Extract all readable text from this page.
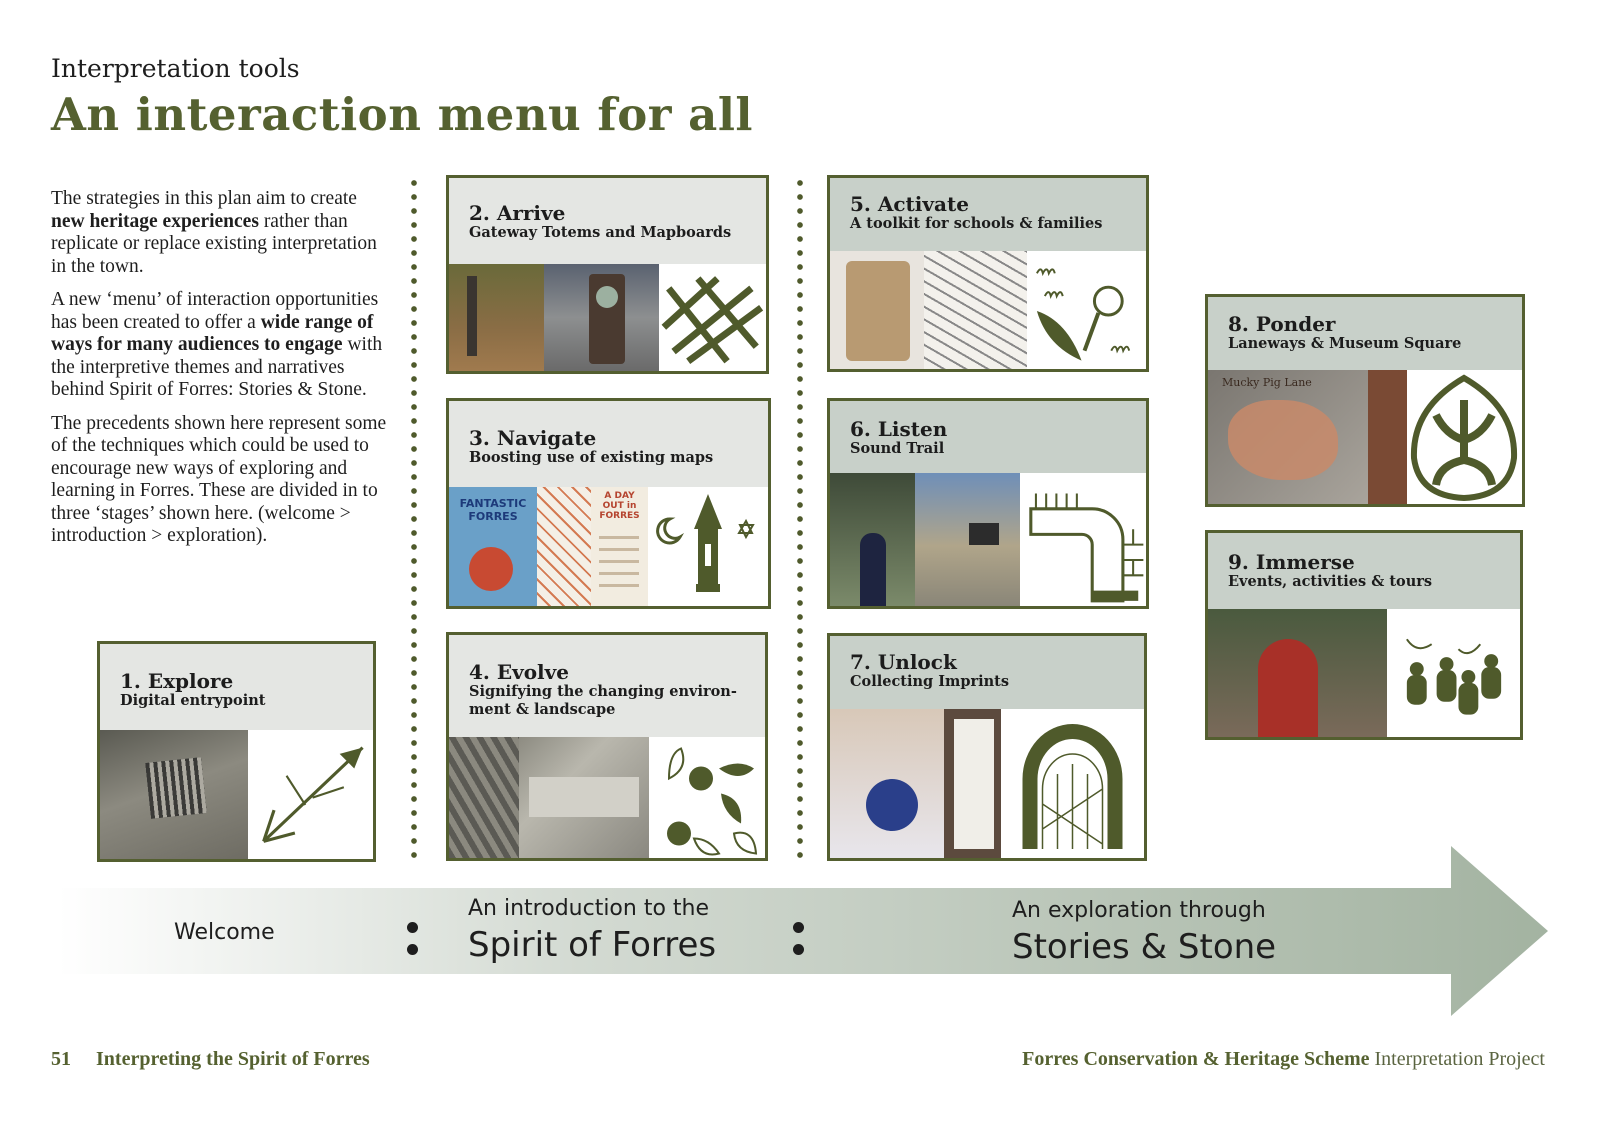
Interpretation tools
An interaction menu for all

The strategies in this plan aim to create new heritage experiences rather than replicate or replace existing interpretation in the town.

A new ‘menu’ of interaction opportunities has been created to offer a wide range of ways for many audiences to engage with the interpretive themes and narratives behind Spirit of Forres: Stories & Stone.

The precedents shown here represent some of the techniques which could be used to encourage new ways of exploring and learning in Forres. These are divided in to three ‘stages’ shown here. (welcome > introduction > exploration).

1. Explore
Digital entrypoint
2. Arrive
Gateway Totems and Mapboards
3. Navigate
Boosting use of existing maps
FANTASTIC FORRES
A DAY OUT in FORRES
4. Evolve
Signifying the changing environ-
ment & landscape
5. Activate
A toolkit for schools & families
6. Listen
Sound Trail
7. Unlock
Collecting Imprints
8. Ponder
Laneways & Museum Square
Mucky Pig Lane
9. Immerse
Events, activities & tours
Welcome
An introduction to the
Spirit of Forres
An exploration through
Stories & Stone
51 Interpreting the Spirit of Forres	Forres Conservation & Heritage Scheme Interpretation Project
